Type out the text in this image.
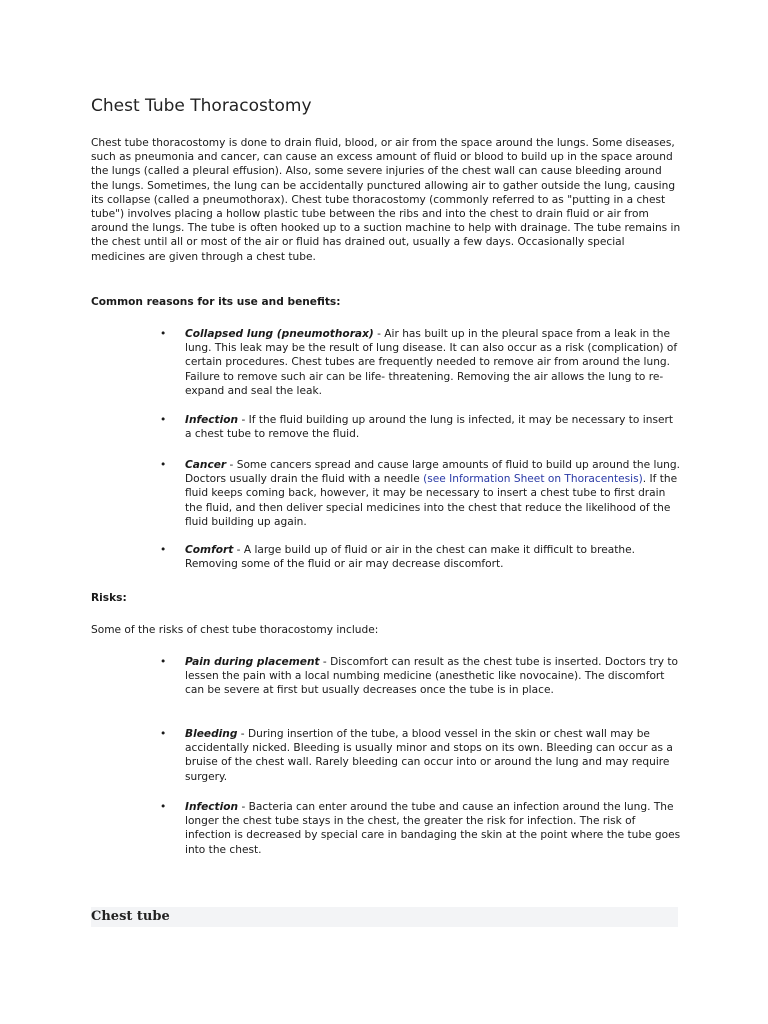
Chest Tube Thoracostomy

Chest tube thoracostomy is done to drain fluid, blood, or air from the space around the lungs. Some diseases, such as pneumonia and cancer, can cause an excess amount of fluid or blood to build up in the space around the lungs (called a pleural effusion). Also, some severe injuries of the chest wall can cause bleeding around the lungs. Sometimes, the lung can be accidentally punctured allowing air to gather outside the lung, causing its collapse (called a pneumothorax). Chest tube thoracostomy (commonly referred to as "putting in a chest tube") involves placing a hollow plastic tube between the ribs and into the chest to drain fluid or air from around the lungs. The tube is often hooked up to a suction machine to help with drainage. The tube remains in the chest until all or most of the air or fluid has drained out, usually a few days. Occasionally special medicines are given through a chest tube.

Common reasons for its use and benefits:

• Collapsed lung (pneumothorax) - Air has built up in the pleural space from a leak in the lung. This leak may be the result of lung disease. It can also occur as a risk (complication) of certain procedures. Chest tubes are frequently needed to remove air from around the lung. Failure to remove such air can be life- threatening. Removing the air allows the lung to re-expand and seal the leak.

• Infection - If the fluid building up around the lung is infected, it may be necessary to insert a chest tube to remove the fluid.

• Cancer - Some cancers spread and cause large amounts of fluid to build up around the lung. Doctors usually drain the fluid with a needle (see Information Sheet on Thoracentesis). If the fluid keeps coming back, however, it may be necessary to insert a chest tube to first drain the fluid, and then deliver special medicines into the chest that reduce the likelihood of the fluid building up again.

• Comfort - A large build up of fluid or air in the chest can make it difficult to breathe. Removing some of the fluid or air may decrease discomfort.

Risks:

Some of the risks of chest tube thoracostomy include:

• Pain during placement - Discomfort can result as the chest tube is inserted. Doctors try to lessen the pain with a local numbing medicine (anesthetic like novocaine). The discomfort can be severe at first but usually decreases once the tube is in place.

• Bleeding - During insertion of the tube, a blood vessel in the skin or chest wall may be accidentally nicked. Bleeding is usually minor and stops on its own. Bleeding can occur as a bruise of the chest wall. Rarely bleeding can occur into or around the lung and may require surgery.

• Infection - Bacteria can enter around the tube and cause an infection around the lung. The longer the chest tube stays in the chest, the greater the risk for infection. The risk of infection is decreased by special care in bandaging the skin at the point where the tube goes into the chest.

Chest tube
